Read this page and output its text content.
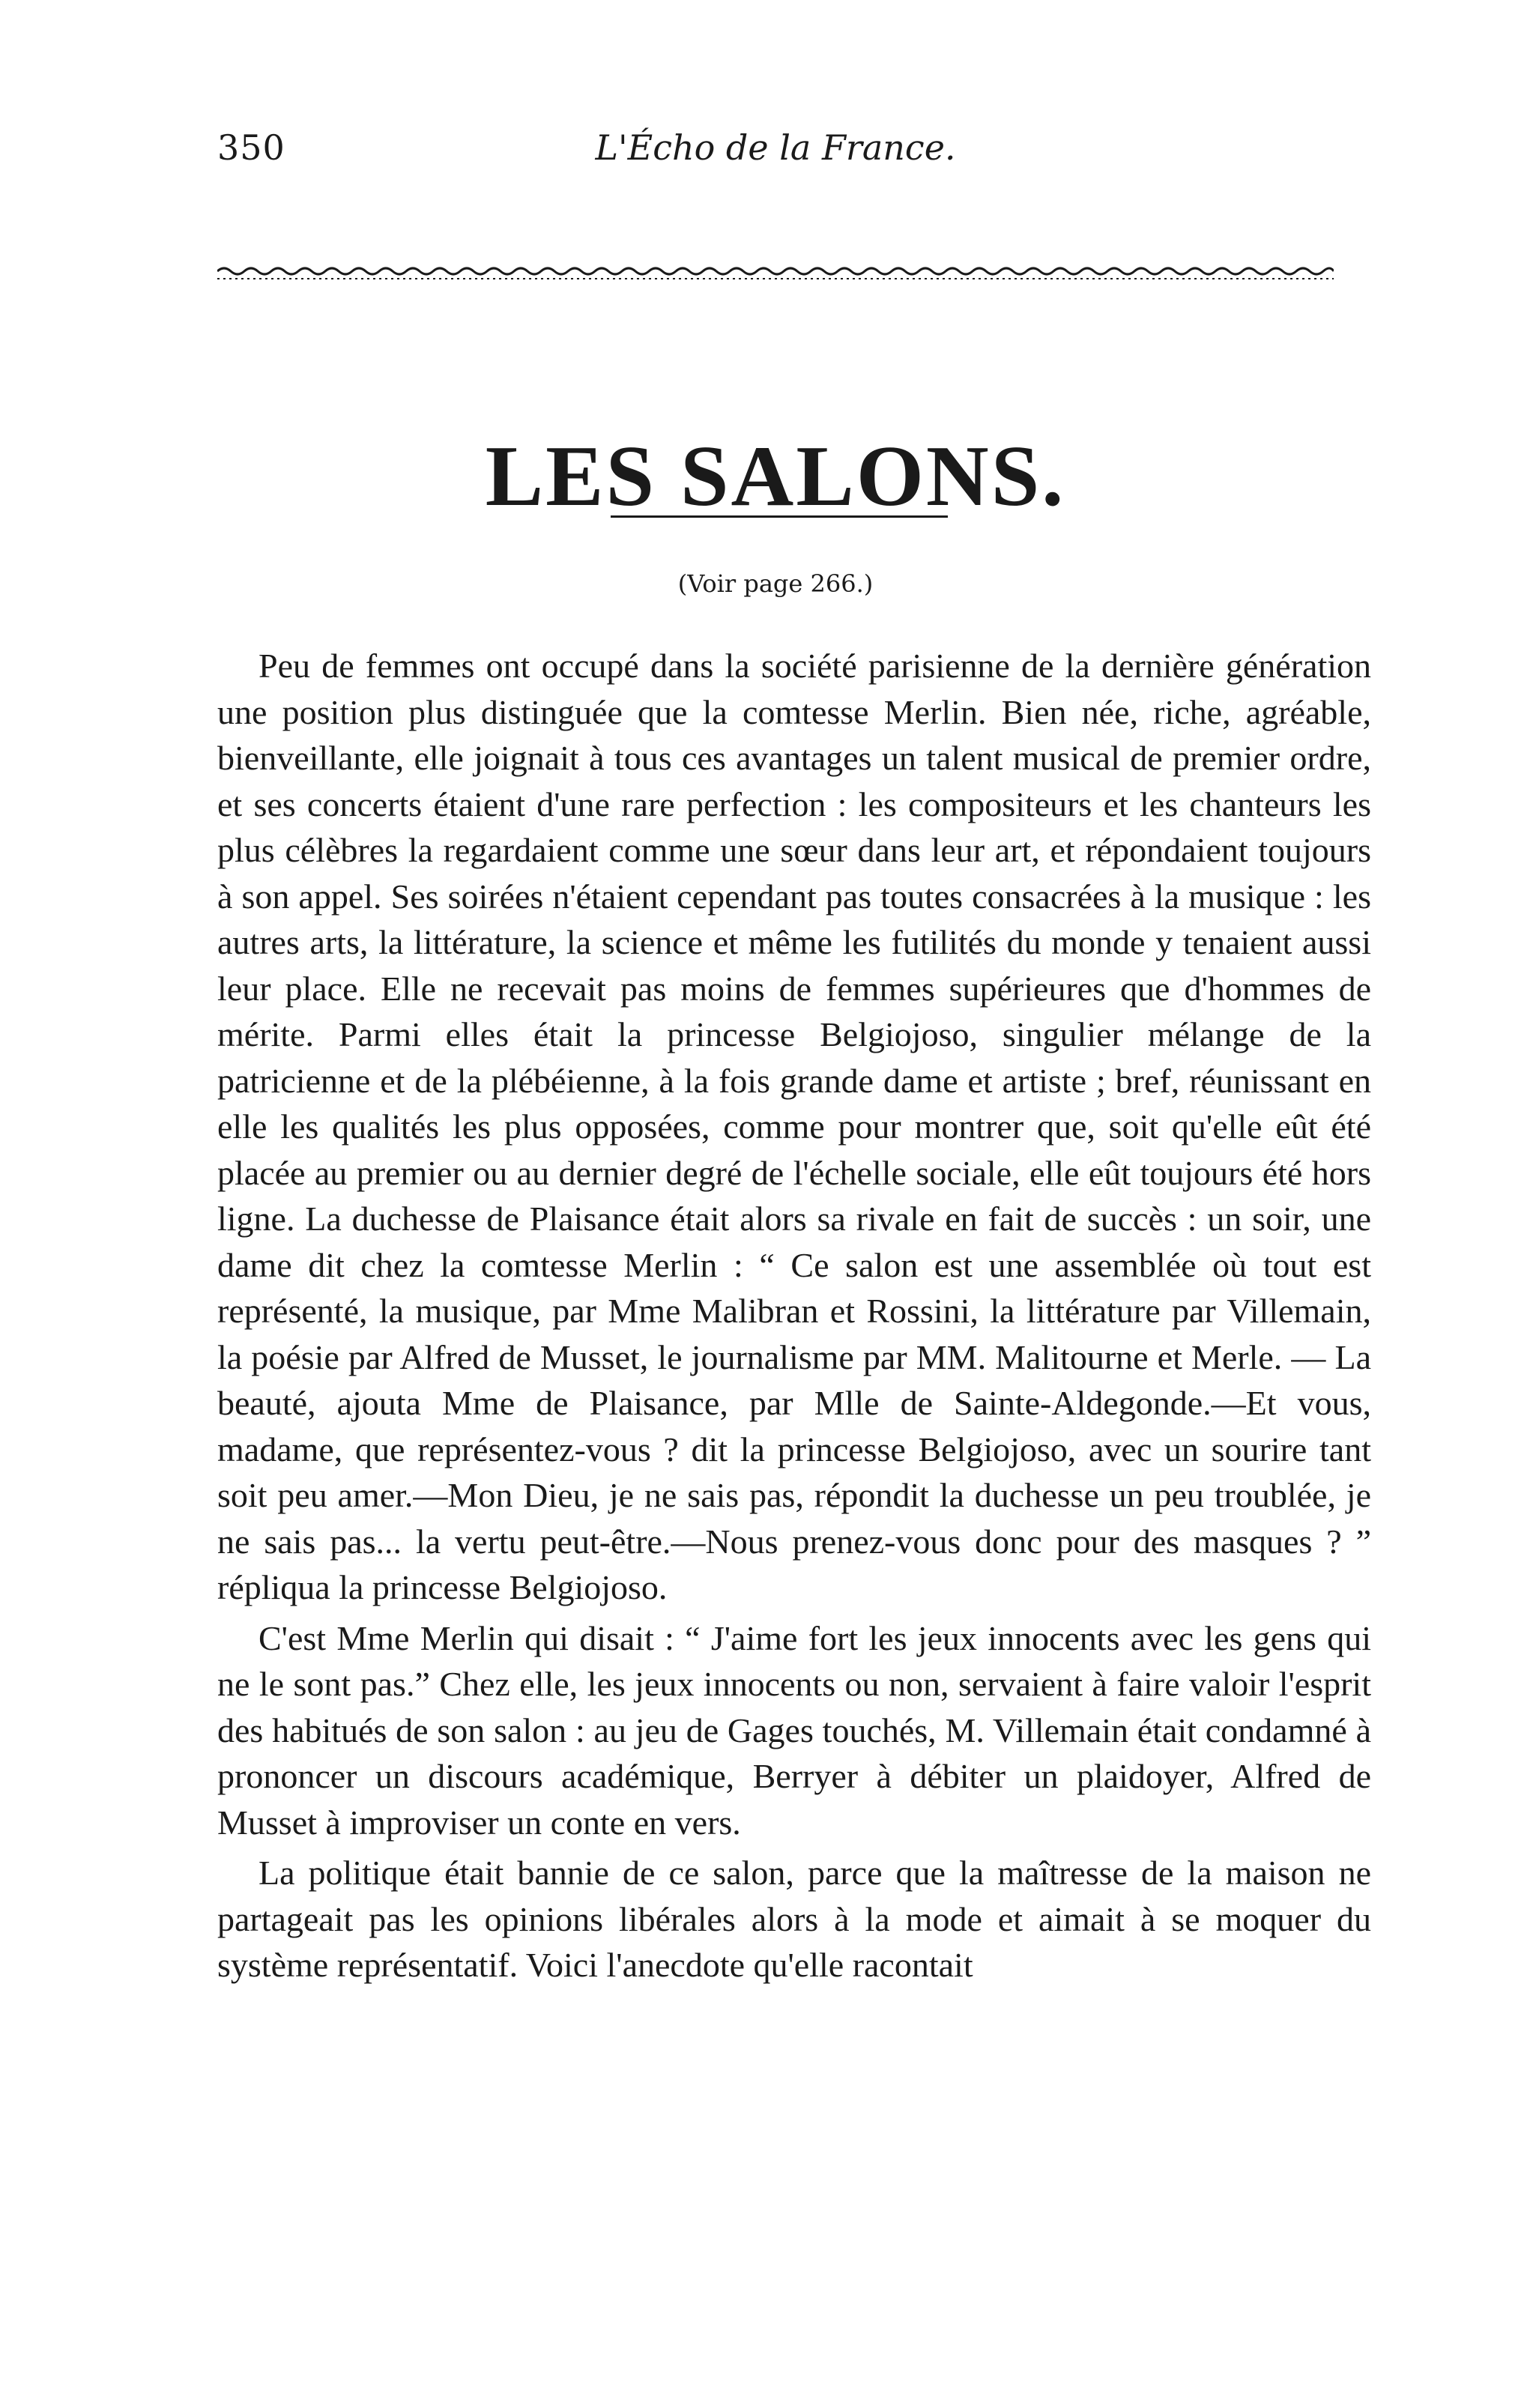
350	L'Écho de la France.
LES SALONS.
(Voir page 266.)

Peu de femmes ont occupé dans la société parisienne de la dernière génération une position plus distinguée que la comtesse Merlin. Bien née, riche, agréable, bienveillante, elle joignait à tous ces avantages un talent musical de premier ordre, et ses concerts étaient d'une rare perfection : les compositeurs et les chanteurs les plus célèbres la regardaient comme une sœur dans leur art, et répondaient toujours à son appel. Ses soirées n'étaient cependant pas toutes consacrées à la musique : les autres arts, la littérature, la science et même les futilités du monde y tenaient aussi leur place. Elle ne recevait pas moins de femmes supérieures que d'hommes de mérite. Parmi elles était la princesse Belgiojoso, singulier mélange de la patricienne et de la plébéienne, à la fois grande dame et artiste ; bref, réunissant en elle les qualités les plus opposées, comme pour montrer que, soit qu'elle eût été placée au premier ou au dernier degré de l'échelle sociale, elle eût toujours été hors ligne. La duchesse de Plaisance était alors sa rivale en fait de succès : un soir, une dame dit chez la comtesse Merlin : “ Ce salon est une assemblée où tout est représenté, la musique, par Mme Malibran et Rossini, la littérature par Villemain, la poésie par Alfred de Musset, le journalisme par MM. Malitourne et Merle. — La beauté, ajouta Mme de Plaisance, par Mlle de Sainte-Aldegonde.—Et vous, madame, que représentez-vous ? dit la princesse Belgiojoso, avec un sourire tant soit peu amer.—Mon Dieu, je ne sais pas, répondit la duchesse un peu troublée, je ne sais pas... la vertu peut-être.—Nous prenez-vous donc pour des masques ? ” répliqua la princesse Belgiojoso.

C'est Mme Merlin qui disait : “ J'aime fort les jeux innocents avec les gens qui ne le sont pas.” Chez elle, les jeux innocents ou non, servaient à faire valoir l'esprit des habitués de son salon : au jeu de Gages touchés, M. Villemain était condamné à prononcer un discours académique, Berryer à débiter un plaidoyer, Alfred de Musset à improviser un conte en vers.

La politique était bannie de ce salon, parce que la maîtresse de la maison ne partageait pas les opinions libérales alors à la mode et aimait à se moquer du système représentatif. Voici l'anecdote qu'elle racontait
